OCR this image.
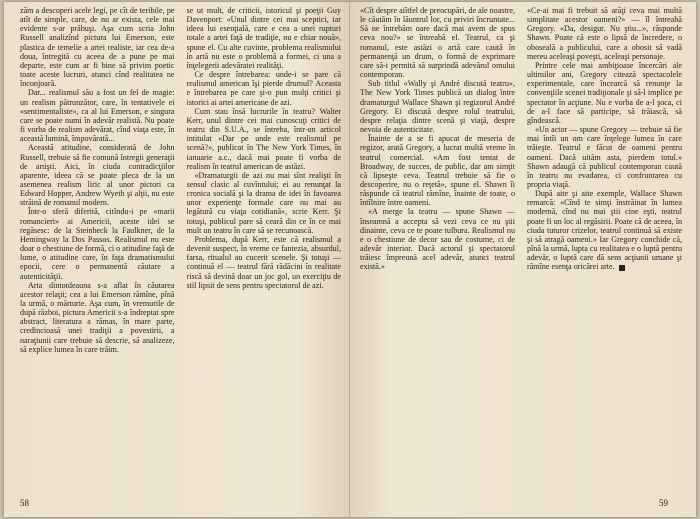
zăm a descoperi acele legi, pe cît de teribile, pe atît de simple, care, de nu ar exista, cele mai evidente s-ar prăbuşi. Aşa cum scria John Russell analizînd pictura lui Emerson, este plastica de temelie a artei realiste, iar cea de-a doua, întregită cu aceea de a pune pe mai departe, este cum ar fi bine să privim poetic toate aceste lucruri, atunci cînd realitatea ne înconjoară.

Dar... realismul său a fost un fel de magie: un realism pătrunzător, care, în tentativele ei «sentimentaliste», ca al lui Emerson, e singura care se poate numi în adevăr realistă. Nu poate fi vorba de realism adevărat, cînd viaţa este, în această lumină, împovărată...

Această atitudine, considerată de John Russell, trebuie să fie comună întregii generaţii de artişti. Aici, în ciuda contradicţiilor aparente, ideea că se poate pleca de la un asemenea realism liric al unor pictori ca Edward Hopper, Andrew Wyeth şi alţii, nu este străină de romanul modern.

Într-o sferă diferită, citîndu-i pe «marii romancieri» ai Americii, aceste idei se regăsesc: de la Steinbeck la Faulkner, de la Hemingway la Dos Passos. Realismul nu este doar o chestiune de formă, ci o atitudine faţă de lume, o atitudine care, în faţa dramatismului epocii, cere o permanentă căutare a autenticităţii.

Arta dintotdeauna s-a aflat în căutarea acestor relaţii; cea a lui Emerson rămîne, pînă la urmă, o mărturie. Aşa cum, în vremurile de după război, pictura Americii s-a îndreptat spre abstract, literatura a rămas, în mare parte, credincioasă unei tradiţii a povestirii, a naraţiunii care trebuie să descrie, să analizeze, să explice lumea în care trăim.

se ut mult, de criticii, istoricul şi poeţii Guy Davenport: «Unul dintre cei mai sceptici, iar ideea lui esenţială, care e cea a unei rupturi totale a artei faţă de tradiţie, nu e chiar nouă», spune el. Cu alte cuvinte, problema realismului în artă nu este o problemă a formei, ci una a înţelegerii adevăratei realităţi.

Ce despre întrebarea: unde-i se pare că realismul american îşi pierde drumul? Aceasta e întrebarea pe care şi-o pun mulţi critici şi istorici ai artei americane de azi.

Cum stau însă lucrurile în teatru? Walter Kerr, unul dintre cei mai cunoscuţi critici de teatru din S.U.A., se întreba, într-un articol intitulat «Dar pe unde este realismul pe scenă?», publicat în The New York Times, în ianuarie a.c., dacă mai poate fi vorba de realism în teatrul american de astăzi.

«Dramaturgii de azi nu mai sînt realişti în sensul clasic al cuvîntului; ei au renunţat la cronica socială şi la drama de idei în favoarea unor experienţe formale care nu mai au legătură cu viaţa cotidiană», scrie Kerr. Şi totuşi, publicul pare să ceară din ce în ce mai mult un teatru în care să se recunoască.

Problema, după Kerr, este că realismul a devenit suspect, în vreme ce fantezia, absurdul, farsa, ritualul au cucerit scenele. Şi totuşi — continuă el — teatrul fără rădăcini în realitate riscă să devină doar un joc gol, un exerciţiu de stil lipsit de sens pentru spectatorul de azi.

58

«Cît despre aiîtfel de preocupări, de ale noastre, le căutăm în lăuntrul lor, cu priviri încruntate... Să ne întrebăm oare dacă mai avem de spus ceva nou?» se întreabă el. Teatrul, ca şi romanul, este astăzi o artă care caută în permanenţă un drum, o formă de exprimare care să-i permită să surprindă adevărul omului contemporan.

Sub titlul «Wally şi André discută teatru», The New York Times publică un dialog între dramaturgul Wallace Shawn şi regizorul André Gregory. Ei discută despre rolul teatrului, despre relaţia dintre scenă şi viaţă, despre nevoia de autenticitate.

Înainte de a se fi apucat de meseria de regizor, arată Gregory, a lucrat multă vreme în teatrul comercial. «Am fost tentat de Broadway, de succes, de public, dar am simţit că lipseşte ceva. Teatrul trebuie să fie o descoperire, nu o reţetă», spune el. Shawn îi răspunde că teatrul rămîne, înainte de toate, o întîlnire între oameni.

«A merge la teatru — spune Shawn — înseamnă a accepta să vezi ceva ce nu ştii dinainte, ceva ce te poate tulbura. Realismul nu e o chestiune de decor sau de costume, ci de adevăr interior. Dacă actorul şi spectatorul trăiesc împreună acel adevăr, atunci teatrul există.»

«Ce-ai mai fi trebuit să arăţi ceva mai multă simplitate acestor oameni?» — îl întreabă Gregory. «Da, desigur. Nu ştiu...», răspunde Shawn. Poate că este o lipsă de încredere, o oboseală a publicului, care a obosit să vadă mereu aceleaşi poveşti, aceleaşi personaje.

Printre cele mai ambiţioase încercări ale ultimilor ani, Gregory citează spectacolele experimentale, care încearcă să renunţe la convenţiile scenei tradiţionale şi să-l implice pe spectator în acţiune. Nu e vorba de a-l şoca, ci de a-l face să participe, să trăiască, să gîndească.

«Un actor — spune Gregory — trebuie să fie mai întîi un om care înţelege lumea în care trăieşte. Teatrul e făcut de oameni pentru oameni. Dacă uităm asta, pierdem totul.» Shawn adaugă că publicul contemporan caută în teatru nu evadarea, ci confruntarea cu propria viaţă.

După aite şi aite exemple, Wallace Shawn remarcă: «Cînd te simţi înstrăinat în lumea modernă, cînd nu mai ştii cine eşti, teatrul poate fi un loc al regăsirii. Poate că de aceea, în ciuda tuturor crizelor, teatrul continuă să existe şi să atragă oameni.» Iar Gregory conchide că, pînă la urmă, lupta cu realitatea e o luptă pentru adevăr, o luptă care dă sens acţiunii umane şi rămîne esenţa oricărei arte.

59
